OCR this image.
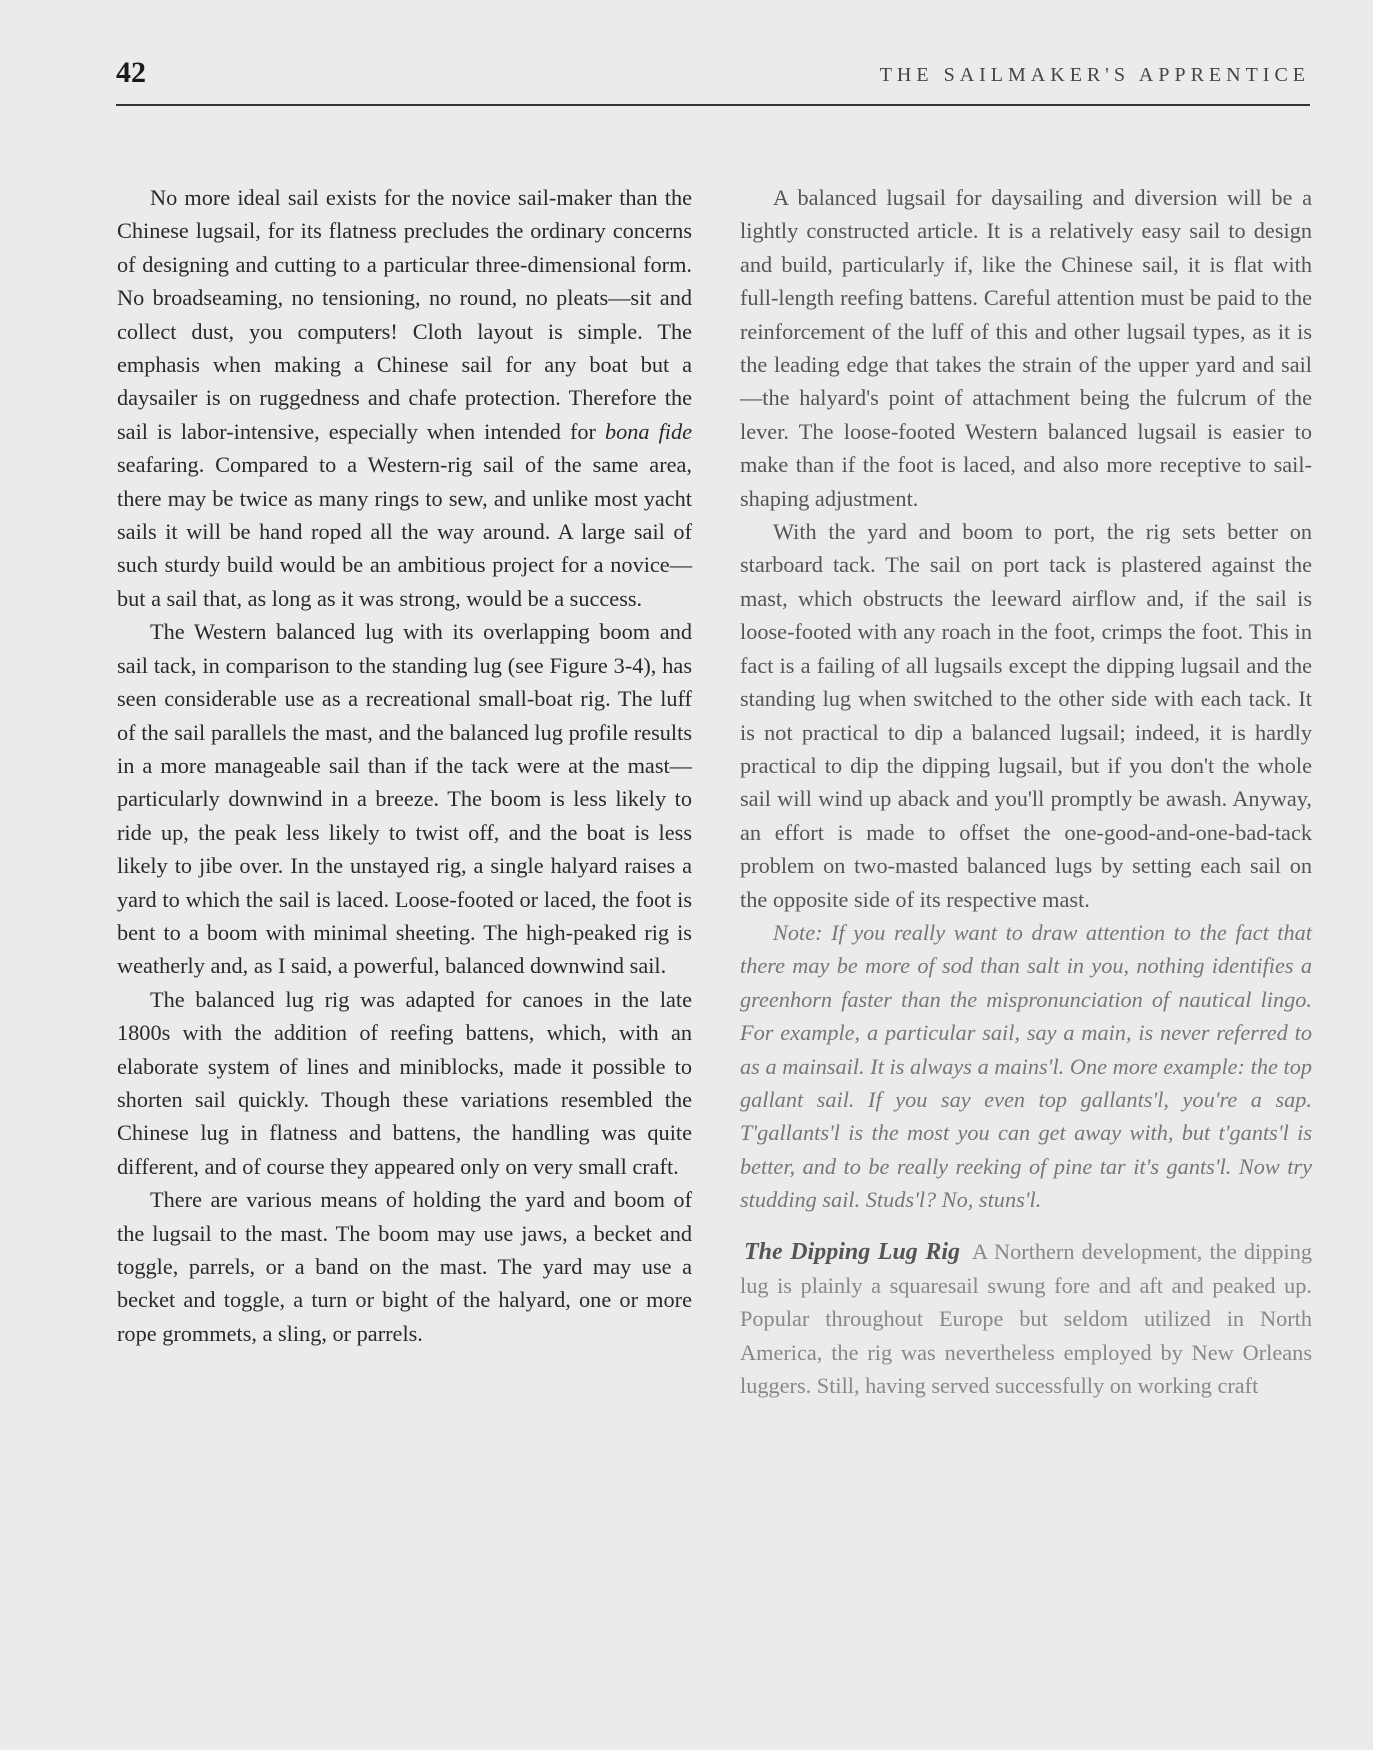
42	THE SAILMAKER'S APPRENTICE

No more ideal sail exists for the novice sail-maker than the Chinese lugsail, for its flatness precludes the ordinary concerns of designing and cutting to a particular three-dimensional form. No broadseaming, no tensioning, no round, no pleats—sit and collect dust, you computers! Cloth layout is simple. The emphasis when making a Chinese sail for any boat but a daysailer is on ruggedness and chafe protection. Therefore the sail is labor-intensive, especially when intended for bona fide seafaring. Compared to a Western-rig sail of the same area, there may be twice as many rings to sew, and unlike most yacht sails it will be hand roped all the way around. A large sail of such sturdy build would be an ambitious project for a novice—but a sail that, as long as it was strong, would be a success.

The Western balanced lug with its overlapping boom and sail tack, in comparison to the standing lug (see Figure 3-4), has seen considerable use as a recreational small-boat rig. The luff of the sail parallels the mast, and the balanced lug profile results in a more manageable sail than if the tack were at the mast—particularly downwind in a breeze. The boom is less likely to ride up, the peak less likely to twist off, and the boat is less likely to jibe over. In the unstayed rig, a single halyard raises a yard to which the sail is laced. Loose-footed or laced, the foot is bent to a boom with minimal sheeting. The high-peaked rig is weatherly and, as I said, a powerful, balanced downwind sail.

The balanced lug rig was adapted for canoes in the late 1800s with the addition of reefing battens, which, with an elaborate system of lines and miniblocks, made it possible to shorten sail quickly. Though these variations resembled the Chinese lug in flatness and battens, the handling was quite different, and of course they appeared only on very small craft.

There are various means of holding the yard and boom of the lugsail to the mast. The boom may use jaws, a becket and toggle, parrels, or a band on the mast. The yard may use a becket and toggle, a turn or bight of the halyard, one or more rope grommets, a sling, or parrels.

A balanced lugsail for daysailing and diversion will be a lightly constructed article. It is a relatively easy sail to design and build, particularly if, like the Chinese sail, it is flat with full-length reefing battens. Careful attention must be paid to the reinforcement of the luff of this and other lugsail types, as it is the leading edge that takes the strain of the upper yard and sail—the halyard's point of attachment being the fulcrum of the lever. The loose-footed Western balanced lugsail is easier to make than if the foot is laced, and also more receptive to sail-shaping adjustment.

With the yard and boom to port, the rig sets better on starboard tack. The sail on port tack is plastered against the mast, which obstructs the leeward airflow and, if the sail is loose-footed with any roach in the foot, crimps the foot. This in fact is a failing of all lugsails except the dipping lugsail and the standing lug when switched to the other side with each tack. It is not practical to dip a balanced lugsail; indeed, it is hardly practical to dip the dipping lugsail, but if you don't the whole sail will wind up aback and you'll promptly be awash. Anyway, an effort is made to offset the one-good-and-one-bad-tack problem on two-masted balanced lugs by setting each sail on the opposite side of its respective mast.

Note: If you really want to draw attention to the fact that there may be more of sod than salt in you, nothing identifies a greenhorn faster than the mispronunciation of nautical lingo. For example, a particular sail, say a main, is never referred to as a mainsail. It is always a mains'l. One more example: the top gallant sail. If you say even top gallants'l, you're a sap. T'gallants'l is the most you can get away with, but t'gants'l is better, and to be really reeking of pine tar it's gants'l. Now try studding sail. Studs'l? No, stuns'l.

The Dipping Lug Rig A Northern development, the dipping lug is plainly a squaresail swung fore and aft and peaked up. Popular throughout Europe but seldom utilized in North America, the rig was nevertheless employed by New Orleans luggers. Still, having served successfully on working craft
